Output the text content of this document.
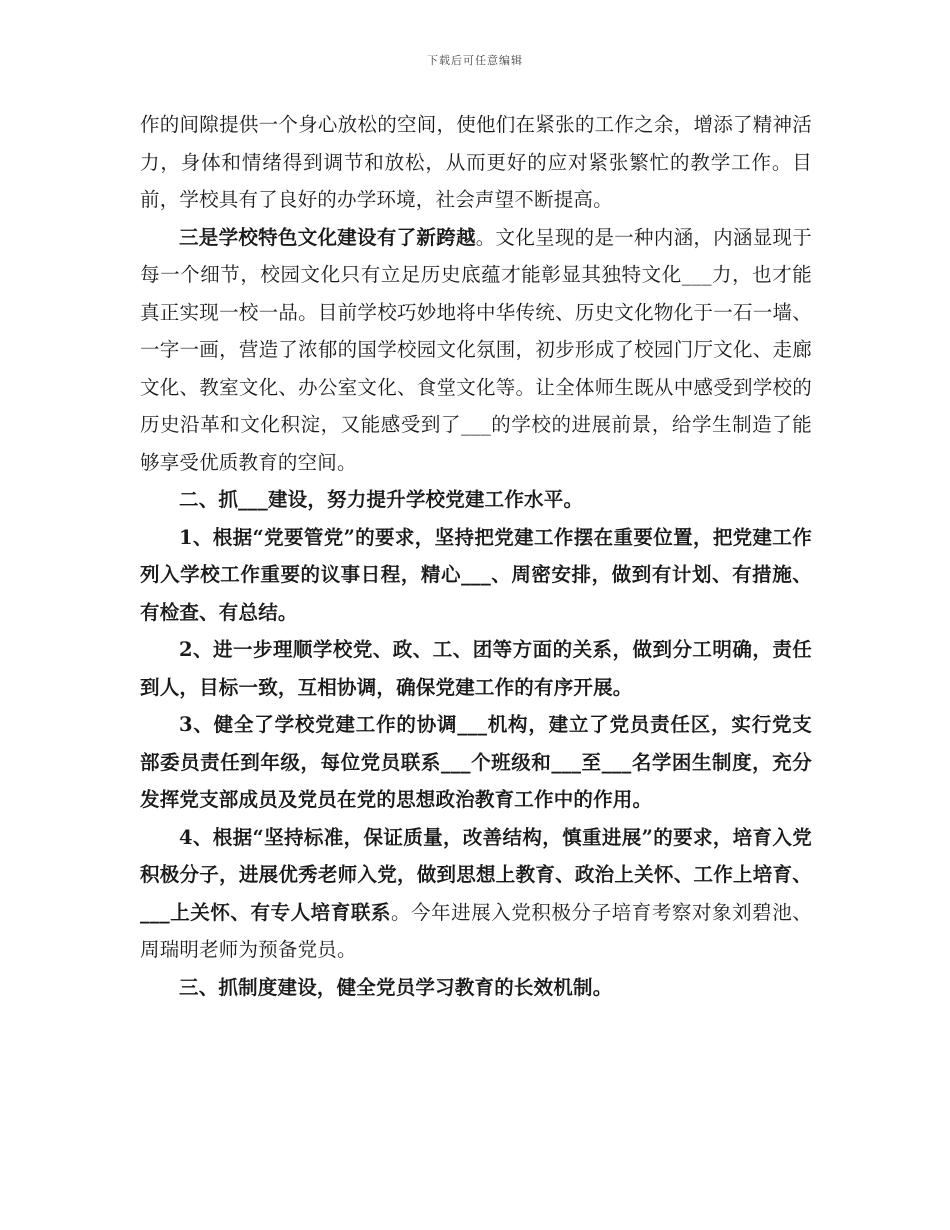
下载后可任意编辑

作的间隙提供一个身心放松的空间，使他们在紧张的工作之余，增添了精神活力，身体和情绪得到调节和放松，从而更好的应对紧张繁忙的教学工作。目前，学校具有了良好的办学环境，社会声望不断提高。

三是学校特色文化建设有了新跨越。文化呈现的是一种内涵，内涵显现于每一个细节，校园文化只有立足历史底蕴才能彰显其独特文化___力，也才能真正实现一校一品。目前学校巧妙地将中华传统、历史文化物化于一石一墙、一字一画，营造了浓郁的国学校园文化氛围，初步形成了校园门厅文化、走廊文化、教室文化、办公室文化、食堂文化等。让全体师生既从中感受到学校的历史沿革和文化积淀，又能感受到了___的学校的进展前景，给学生制造了能够享受优质教育的空间。

二、抓___建设，努力提升学校党建工作水平。

1、根据“党要管党”的要求，坚持把党建工作摆在重要位置，把党建工作列入学校工作重要的议事日程，精心___、周密安排，做到有计划、有措施、有检查、有总结。

2、进一步理顺学校党、政、工、团等方面的关系，做到分工明确，责任到人，目标一致，互相协调，确保党建工作的有序开展。

3、健全了学校党建工作的协调___机构，建立了党员责任区，实行党支部委员责任到年级，每位党员联系___个班级和___至___名学困生制度，充分发挥党支部成员及党员在党的思想政治教育工作中的作用。

4、根据“坚持标准，保证质量，改善结构，慎重进展”的要求，培育入党积极分子，进展优秀老师入党，做到思想上教育、政治上关怀、工作上培育、___上关怀、有专人培育联系。今年进展入党积极分子培育考察对象刘碧池、周瑞明老师为预备党员。

三、抓制度建设，健全党员学习教育的长效机制。
